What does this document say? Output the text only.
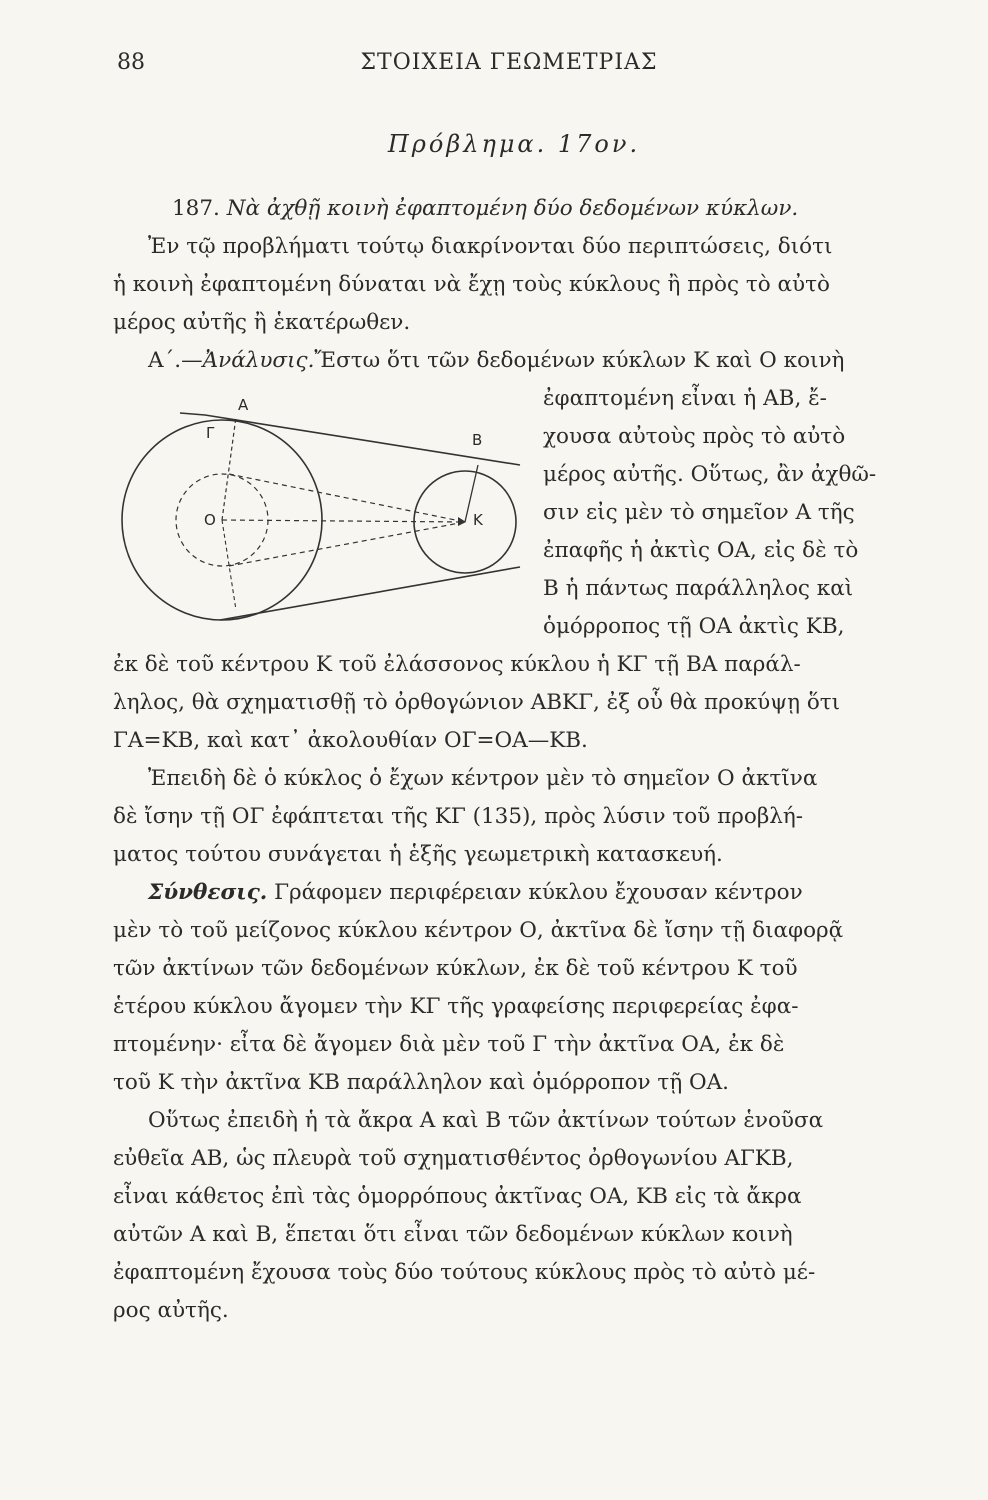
88	ΣΤΟΙΧΕΙΑ ΓΕΩΜΕΤΡΙΑΣ
Πρόβλημα. 17ον.
187. Νὰ ἀχθῇ κοινὴ ἐφαπτομένη δύο δεδομένων κύκλων.
Ἐν τῷ προβλήματι τούτῳ διακρίνονται δύο περιπτώσεις, διότι
ἡ κοινὴ ἐφαπτομένη δύναται νὰ ἔχῃ τοὺς κύκλους ἢ πρὸς τὸ αὐτὸ
μέρος αὐτῆς ἢ ἑκατέρωθεν.
Α΄.—Ἀνάλυσις.Ἔστω ὅτι τῶν δεδομένων κύκλων Κ καὶ Ο κοινὴ
ἐφαπτομένη εἶναι ἡ ΑΒ, ἔ-
χουσα αὐτοὺς πρὸς τὸ αὐτὸ
μέρος αὐτῆς. Οὕτως, ἂν ἀχθῶ-
σιν εἰς μὲν τὸ σημεῖον Α τῆς
ἐπαφῆς ἡ ἀκτὶς ΟΑ, εἰς δὲ τὸ
Β ἡ πάντως παράλληλος καὶ
ὁμόρροπος τῇ ΟΑ ἀκτὶς ΚΒ,
A
B
Γ
O	K
ἐκ δὲ τοῦ κέντρου Κ τοῦ ἐλάσσονος κύκλου ἡ ΚΓ τῇ ΒΑ παράλ-
ληλος, θὰ σχηματισθῇ τὸ ὀρθογώνιον ΑΒΚΓ, ἐξ οὗ θὰ προκύψῃ ὅτι
ΓΑ=ΚΒ, καὶ κατ᾿ ἀκολουθίαν ΟΓ=ΟΑ—ΚΒ.
Ἐπειδὴ δὲ ὁ κύκλος ὁ ἔχων κέντρον μὲν τὸ σημεῖον Ο ἀκτῖνα
δὲ ἴσην τῇ ΟΓ ἐφάπτεται τῆς ΚΓ (135), πρὸς λύσιν τοῦ προβλή-
ματος τούτου συνάγεται ἡ ἑξῆς γεωμετρικὴ κατασκευή.
Σύνθεσις. Γράφομεν περιφέρειαν κύκλου ἔχουσαν κέντρον
μὲν τὸ τοῦ μείζονος κύκλου κέντρον Ο, ἀκτῖνα δὲ ἴσην τῇ διαφορᾷ
τῶν ἀκτίνων τῶν δεδομένων κύκλων, ἐκ δὲ τοῦ κέντρου Κ τοῦ
ἑτέρου κύκλου ἄγομεν τὴν ΚΓ τῆς γραφείσης περιφερείας ἐφα-
πτομένην· εἶτα δὲ ἄγομεν διὰ μὲν τοῦ Γ τὴν ἀκτῖνα ΟΑ, ἐκ δὲ
τοῦ Κ τὴν ἀκτῖνα ΚΒ παράλληλον καὶ ὁμόρροπον τῇ ΟΑ.
Οὕτως ἐπειδὴ ἡ τὰ ἄκρα Α καὶ Β τῶν ἀκτίνων τούτων ἑνοῦσα
εὐθεῖα ΑΒ, ὡς πλευρὰ τοῦ σχηματισθέντος ὀρθογωνίου ΑΓΚΒ,
εἶναι κάθετος ἐπὶ τὰς ὁμορρόπους ἀκτῖνας ΟΑ, ΚΒ εἰς τὰ ἄκρα
αὐτῶν Α καὶ Β, ἕπεται ὅτι εἶναι τῶν δεδομένων κύκλων κοινὴ
ἐφαπτομένη ἔχουσα τοὺς δύο τούτους κύκλους πρὸς τὸ αὐτὸ μέ-
ρος αὐτῆς.
